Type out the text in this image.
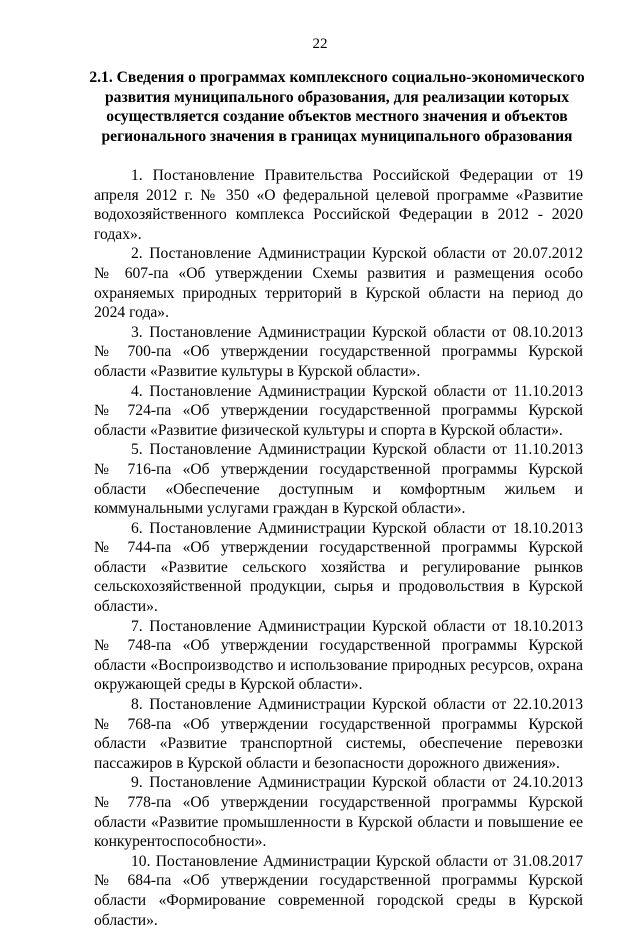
22
2.1. Сведения о программах комплексного социально-экономического развития муниципального образования, для реализации которых осуществляется создание объектов местного значения и объектов регионального значения в границах муниципального образования

1. Постановление Правительства Российской Федерации от 19 апреля 2012 г. № 350 «О федеральной целевой программе «Развитие водохозяйственного комплекса Российской Федерации в 2012 - 2020 годах».

2. Постановление Администрации Курской области от 20.07.2012 № 607-па «Об утверждении Схемы развития и размещения особо охраняемых природных территорий в Курской области на период до 2024 года».

3. Постановление Администрации Курской области от 08.10.2013 № 700-па «Об утверждении государственной программы Курской области «Развитие культуры в Курской области».

4. Постановление Администрации Курской области от 11.10.2013 № 724-па «Об утверждении государственной программы Курской области «Развитие физической культуры и спорта в Курской области».

5. Постановление Администрации Курской области от 11.10.2013 № 716-па «Об утверждении государственной программы Курской области «Обеспечение доступным и комфортным жильем и коммунальными услугами граждан в Курской области».

6. Постановление Администрации Курской области от 18.10.2013 № 744-па «Об утверждении государственной программы Курской области «Развитие сельского хозяйства и регулирование рынков сельскохозяйственной продукции, сырья и продовольствия в Курской области».

7. Постановление Администрации Курской области от 18.10.2013 № 748-па «Об утверждении государственной программы Курской области «Воспроизводство и использование природных ресурсов, охрана окружающей среды в Курской области».

8. Постановление Администрации Курской области от 22.10.2013 № 768-па «Об утверждении государственной программы Курской области «Развитие транспортной системы, обеспечение перевозки пассажиров в Курской области и безопасности дорожного движения».

9. Постановление Администрации Курской области от 24.10.2013 № 778-па «Об утверждении государственной программы Курской области «Развитие промышленности в Курской области и повышение ее конкурентоспособности».

10. Постановление Администрации Курской области от 31.08.2017 № 684-па «Об утверждении государственной программы Курской области «Формирование современной городской среды в Курской области».
